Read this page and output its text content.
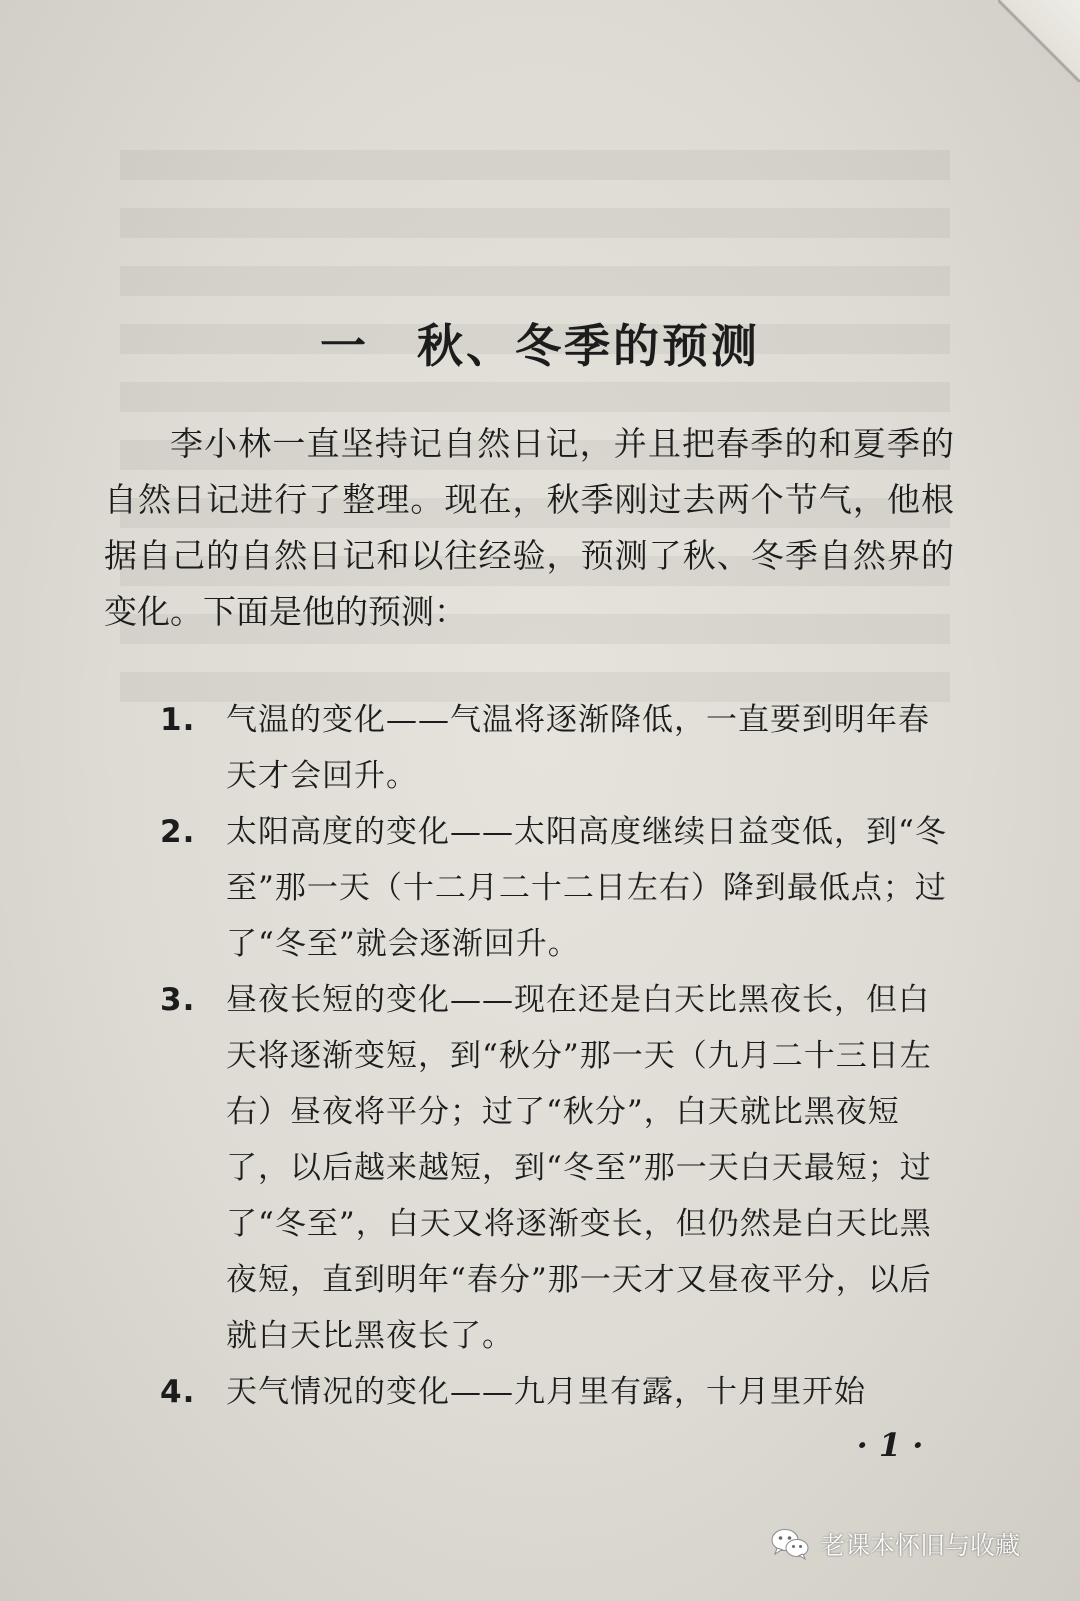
一 秋、冬季的预测

李小林一直坚持记自然日记，并且把春季的和夏季的自然日记进行了整理。现在，秋季刚过去两个节气，他根据自己的自然日记和以往经验，预测了秋、冬季自然界的变化。下面是他的预测：

1. 气温的变化——气温将逐渐降低，一直要到明年春天才会回升。
2. 太阳高度的变化——太阳高度继续日益变低，到“冬至”那一天（十二月二十二日左右）降到最低点；过了“冬至”就会逐渐回升。
3. 昼夜长短的变化——现在还是白天比黑夜长，但白天将逐渐变短，到“秋分”那一天（九月二十三日左右）昼夜将平分；过了“秋分”，白天就比黑夜短了，以后越来越短，到“冬至”那一天白天最短；过了“冬至”，白天又将逐渐变长，但仍然是白天比黑夜短，直到明年“春分”那一天才又昼夜平分，以后就白天比黑夜长了。
4. 天气情况的变化——九月里有露，十月里开始
· 1 ·
老课本怀旧与收藏
